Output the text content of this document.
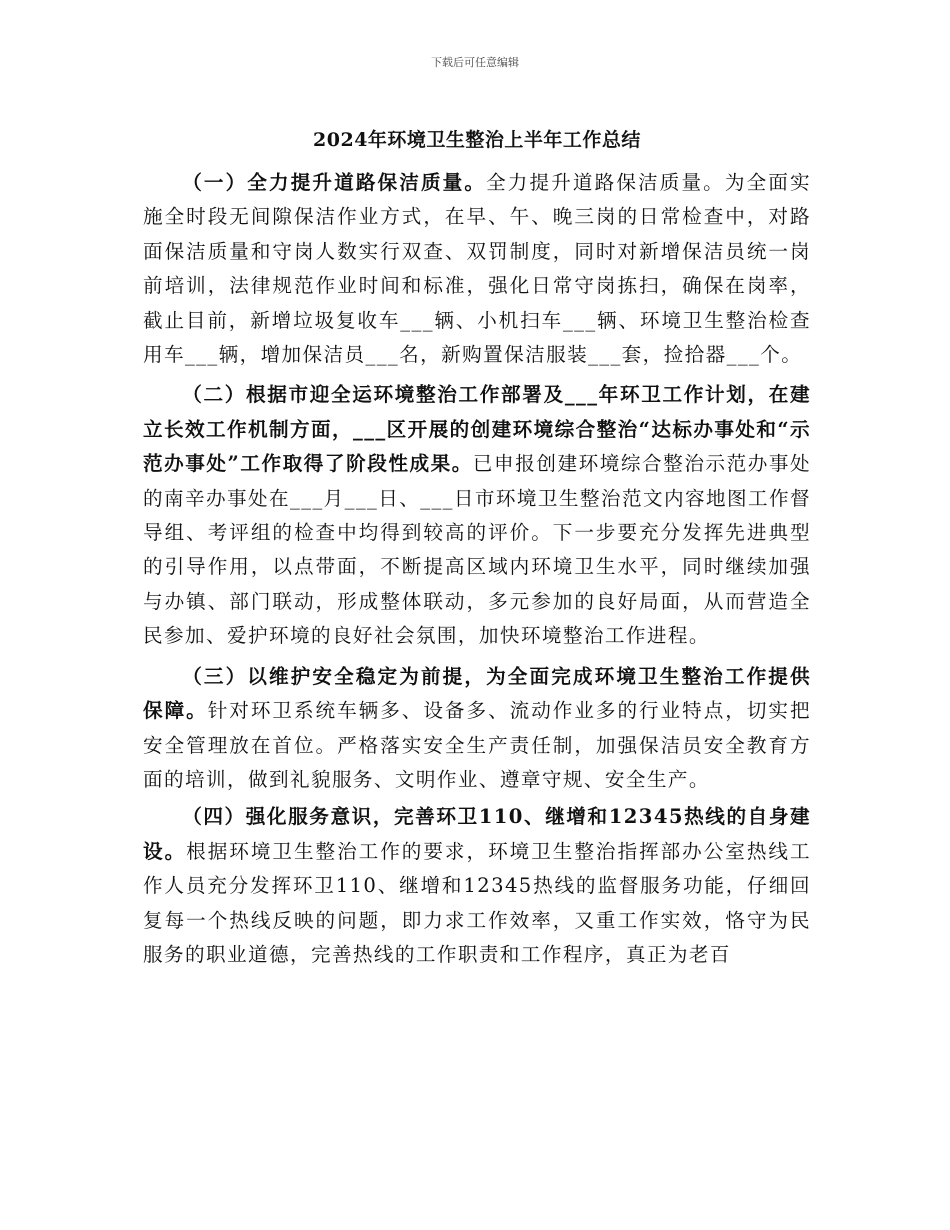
下载后可任意编辑
2024年环境卫生整治上半年工作总结

（一）全力提升道路保洁质量。全力提升道路保洁质量。为全面实施全时段无间隙保洁作业方式，在早、午、晚三岗的日常检查中，对路面保洁质量和守岗人数实行双查、双罚制度，同时对新增保洁员统一岗前培训，法律规范作业时间和标准，强化日常守岗拣扫，确保在岗率，截止目前，新增垃圾复收车___辆、小机扫车___辆、环境卫生整治检查用车___辆，增加保洁员___名，新购置保洁服装___套，捡拾器___个。

（二）根据市迎全运环境整治工作部署及___年环卫工作计划，在建立长效工作机制方面，___区开展的创建环境综合整治“达标办事处和“示范办事处”工作取得了阶段性成果。已申报创建环境综合整治示范办事处的南辛办事处在___月___日、___日市环境卫生整治范文内容地图工作督导组、考评组的检查中均得到较高的评价。下一步要充分发挥先进典型的引导作用，以点带面，不断提高区域内环境卫生水平，同时继续加强与办镇、部门联动，形成整体联动，多元参加的良好局面，从而营造全民参加、爱护环境的良好社会氛围，加快环境整治工作进程。

（三）以维护安全稳定为前提，为全面完成环境卫生整治工作提供保障。针对环卫系统车辆多、设备多、流动作业多的行业特点，切实把安全管理放在首位。严格落实安全生产责任制，加强保洁员安全教育方面的培训，做到礼貌服务、文明作业、遵章守规、安全生产。

（四）强化服务意识，完善环卫110、继增和12345热线的自身建设。根据环境卫生整治工作的要求，环境卫生整治指挥部办公室热线工作人员充分发挥环卫110、继增和12345热线的监督服务功能，仔细回复每一个热线反映的问题，即力求工作效率，又重工作实效，恪守为民服务的职业道德，完善热线的工作职责和工作程序，真正为老百
